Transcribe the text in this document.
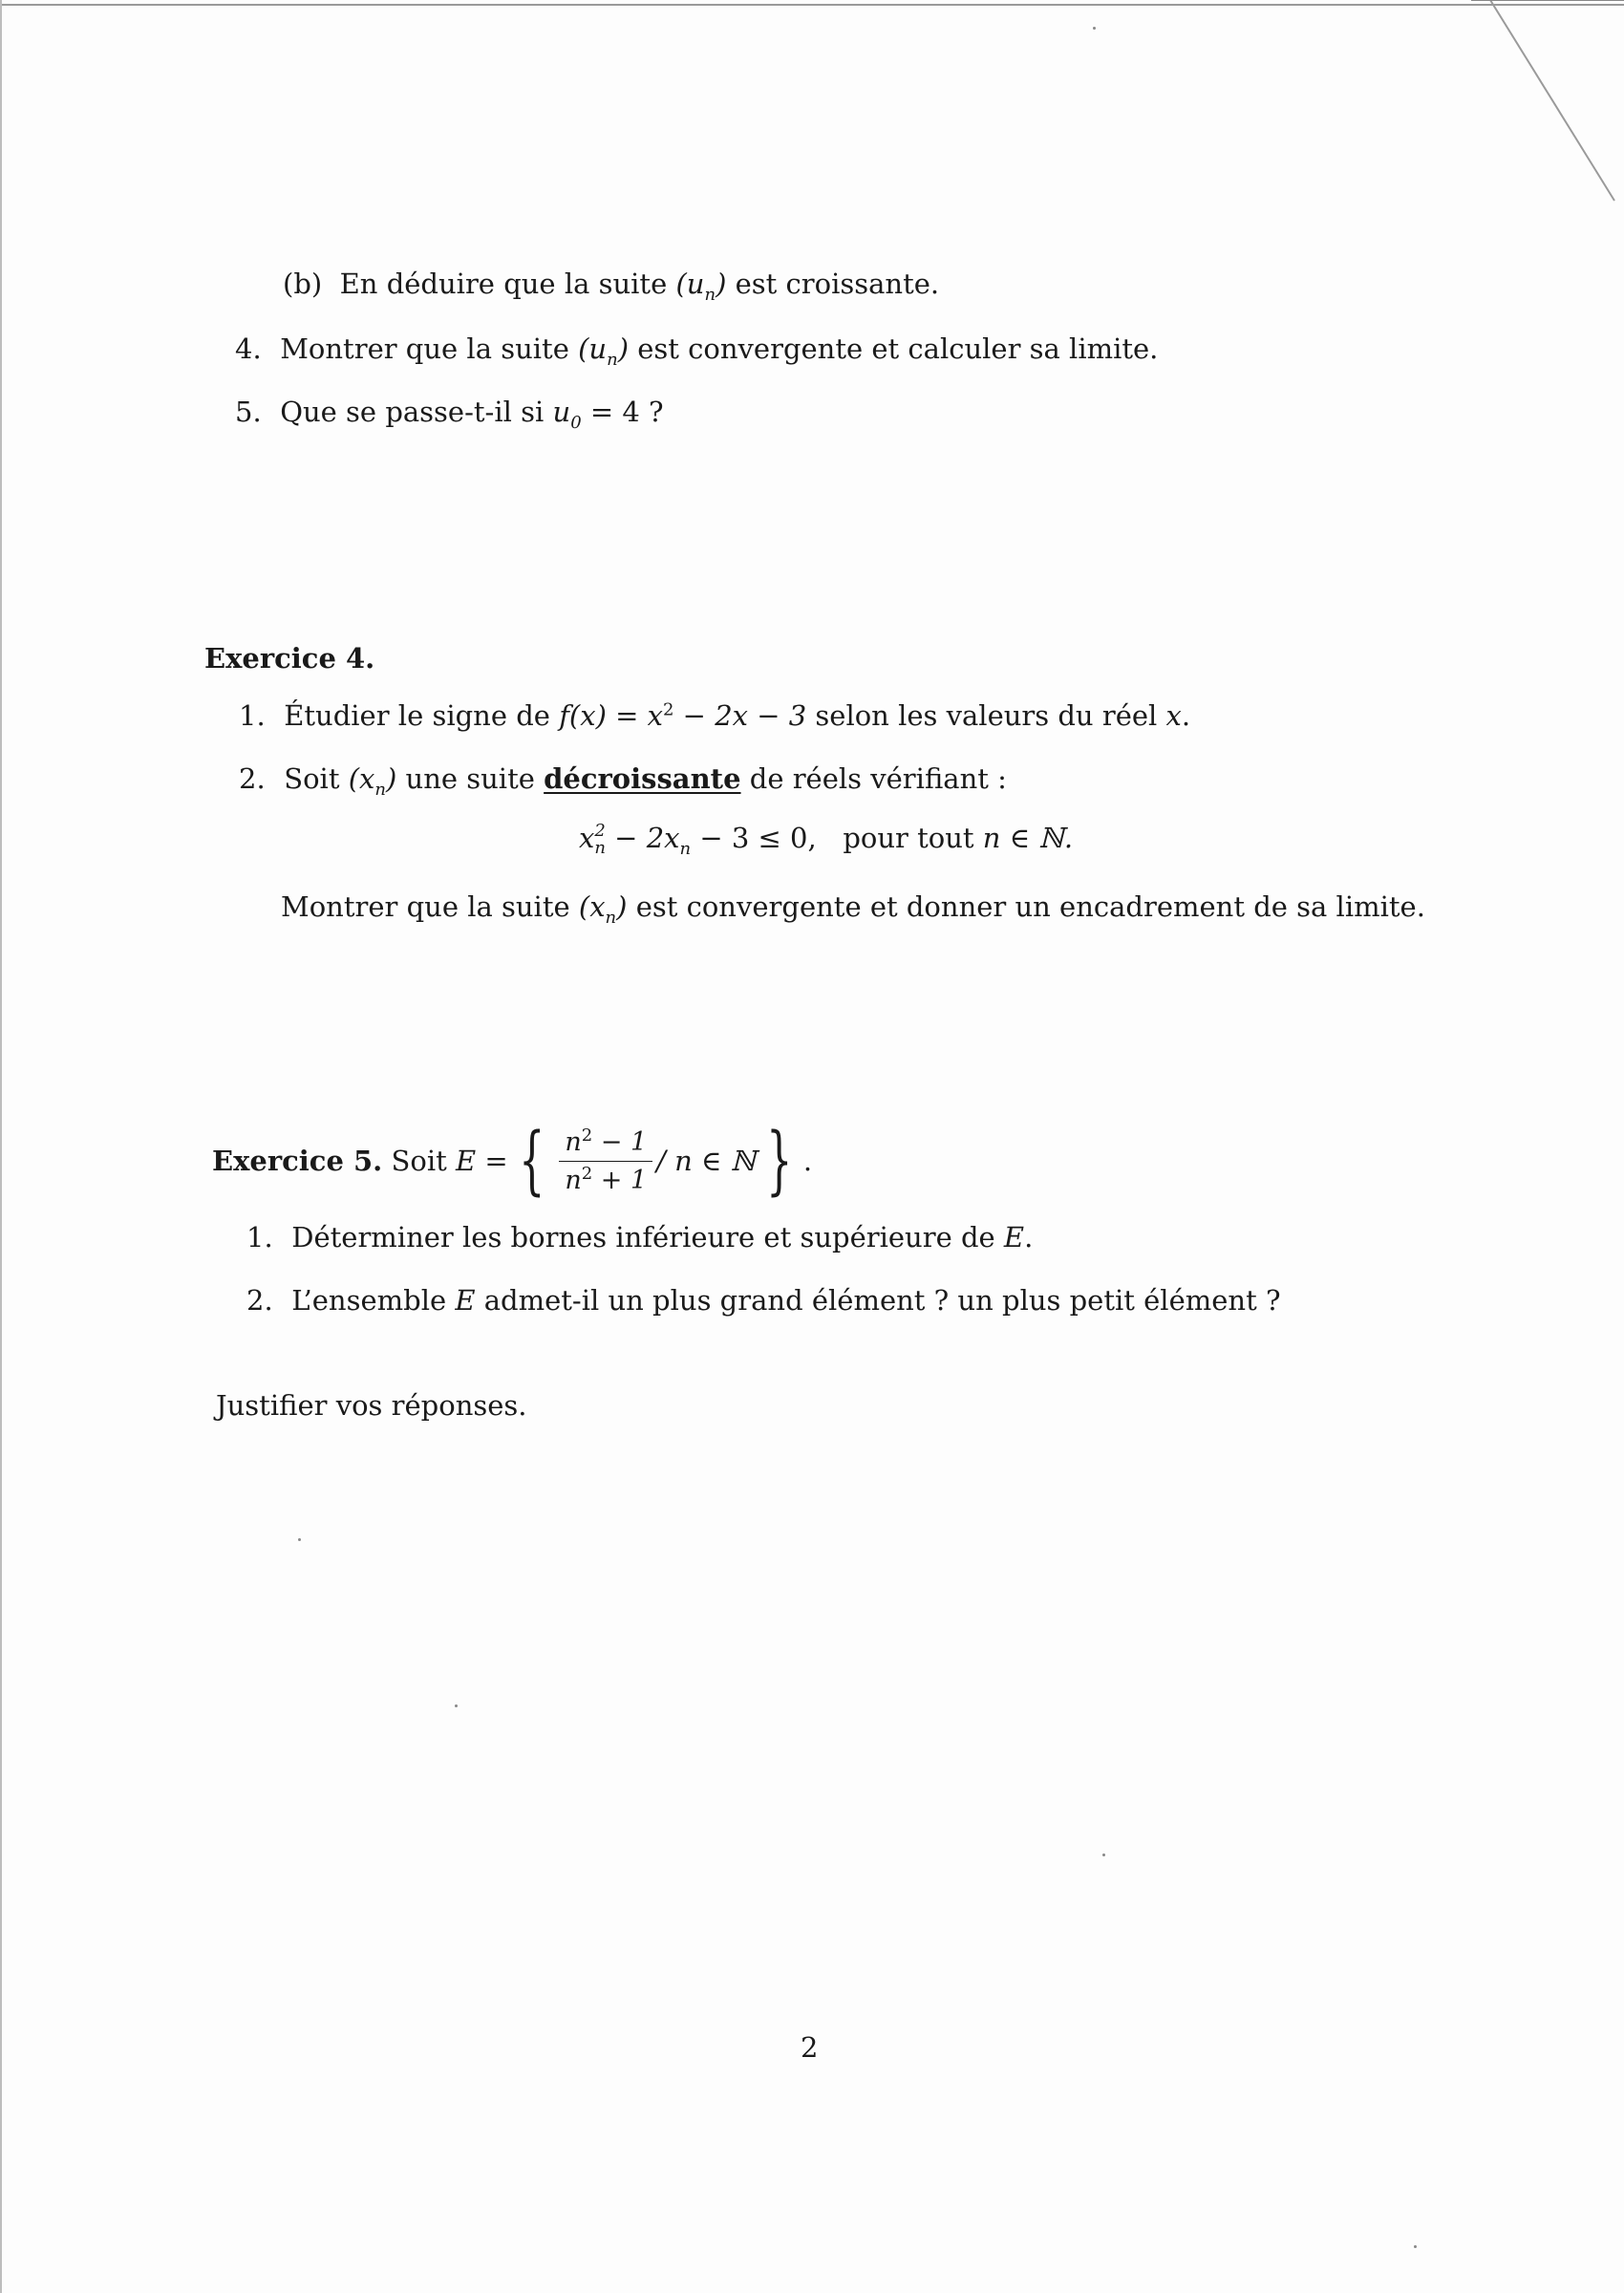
(b) En déduire que la suite $(u_n)$ est croissante.
4. Montrer que la suite $(u_n)$ est convergente et calculer sa limite.
5. Que se passe-t-il si $u_0 = 4$ ?
Exercice 4.
1. Étudier le signe de $f(x) = x^2 - 2x - 3$ selon les valeurs du réel x.
2. Soit $(x_n)$ une suite décroissante de réels vérifiant :
x 2
$n - 2x_n - 3 \le 0$, pour tout n ∈ ℕ.
Montrer que la suite $(x_n)$ est convergente et donner un encadrement de sa limite.
Exercice 5.
Soit
E = { $\frac{n^2 - 1}{n^2 + 1}$ / n ∈ ℕ } .
1. Déterminer les bornes inférieure et supérieure de E.
2. L’ensemble E admet-il un plus grand élément ? un plus petit élément ?
Justifier vos réponses.
2
